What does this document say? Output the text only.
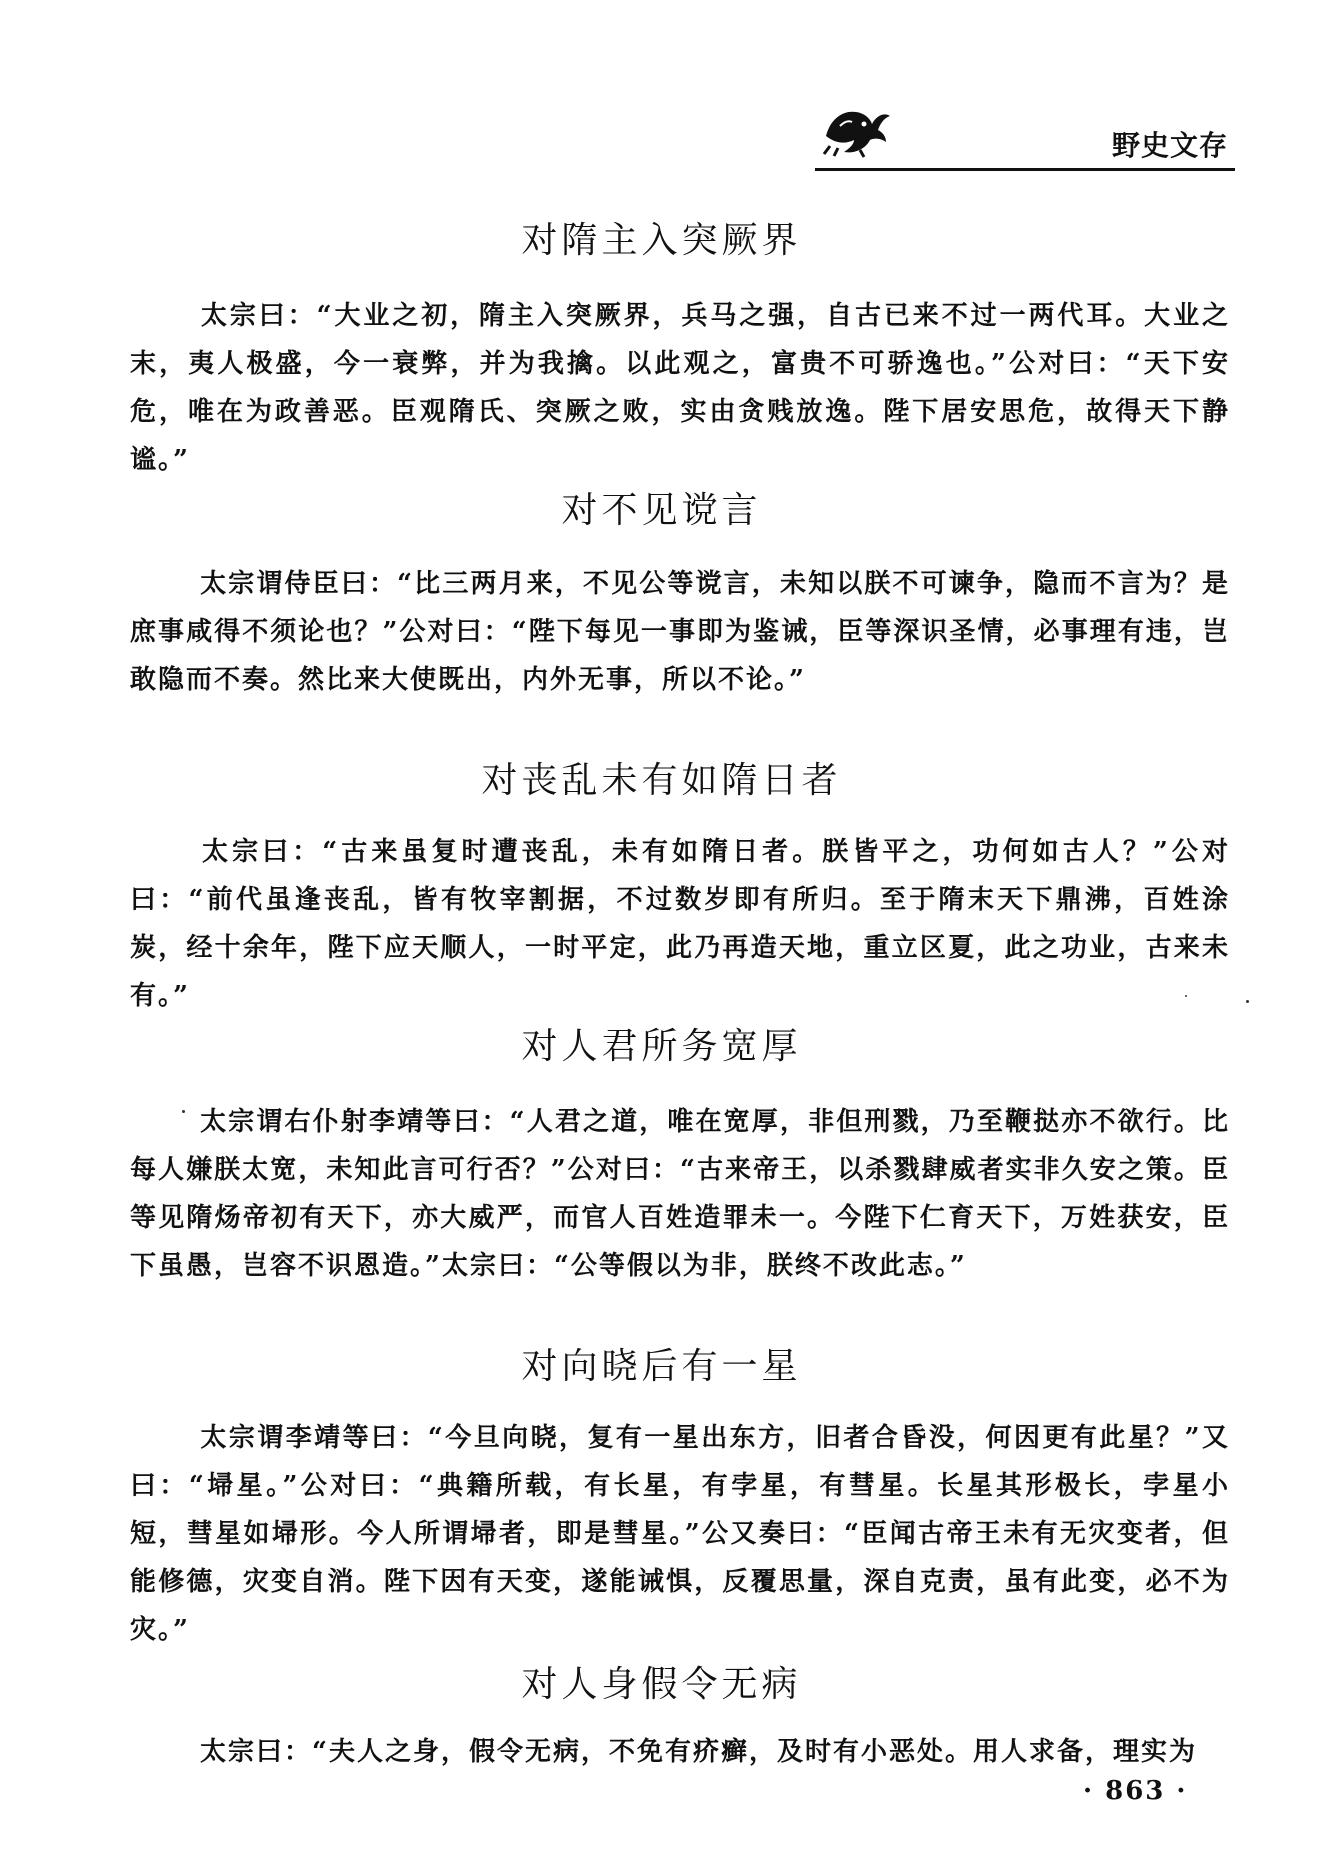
野史文存
对隋主入突厥界
太宗曰：“大业之初，隋主入突厥界，兵马之强，自古已来不过一两代耳。大业之末，夷人极盛，今一衰弊，并为我擒。以此观之，富贵不可骄逸也。”公对曰：“天下安危，唯在为政善恶。臣观隋氏、突厥之败，实由贪贱放逸。陛下居安思危，故得天下静谧。”
对不见谠言
太宗谓侍臣曰：“比三两月来，不见公等谠言，未知以朕不可谏争，隐而不言为？是庶事咸得不须论也？”公对曰：“陛下每见一事即为鉴诫，臣等深识圣情，必事理有违，岂敢隐而不奏。然比来大使既出，内外无事，所以不论。”
对丧乱未有如隋日者
太宗曰：“古来虽复时遭丧乱，未有如隋日者。朕皆平之，功何如古人？”公对曰：“前代虽逢丧乱，皆有牧宰割据，不过数岁即有所归。至于隋末天下鼎沸，百姓涂炭，经十余年，陛下应天顺人，一时平定，此乃再造天地，重立区夏，此之功业，古来未有。”
对人君所务宽厚
太宗谓右仆射李靖等曰：“人君之道，唯在宽厚，非但刑戮，乃至鞭挞亦不欲行。比每人嫌朕太宽，未知此言可行否？”公对曰：“古来帝王，以杀戮肆威者实非久安之策。臣等见隋炀帝初有天下，亦大威严，而官人百姓造罪未一。今陛下仁育天下，万姓获安，臣下虽愚，岂容不识恩造。”太宗曰：“公等假以为非，朕终不改此志。”
对向晓后有一星
太宗谓李靖等曰：“今旦向晓，复有一星出东方，旧者合昏没，何因更有此星？”又曰：“埽星。”公对曰：“典籍所载，有长星，有孛星，有彗星。长星其形极长，孛星小短，彗星如埽形。今人所谓埽者，即是彗星。”公又奏曰：“臣闻古帝王未有无灾变者，但能修德，灾变自消。陛下因有天变，遂能诫惧，反覆思量，深自克责，虽有此变，必不为灾。”
对人身假令无病
太宗曰：“夫人之身，假令无病，不免有疥癣，及时有小恶处。用人求备，理实为
· 863 ·
